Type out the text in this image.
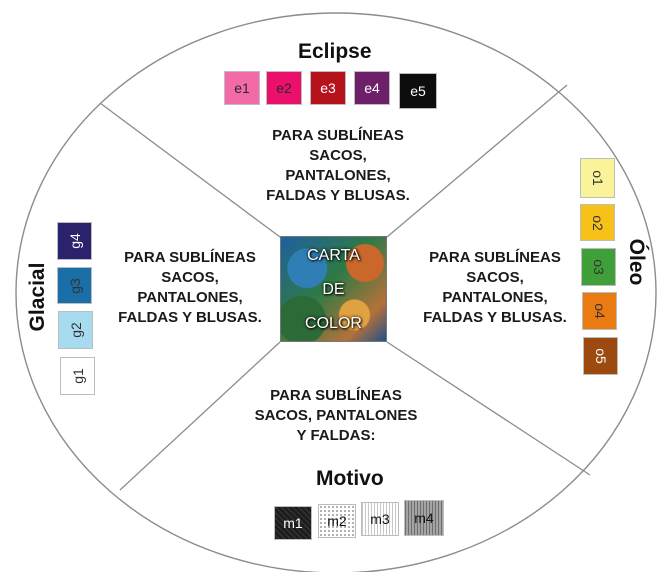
Eclipse
Motivo
Glacial
Óleo
PARA SUBLÍNEAS
SACOS,
PANTALONES,
FALDAS Y BLUSAS.
PARA SUBLÍNEAS
SACOS,
PANTALONES,
FALDAS Y BLUSAS.
PARA SUBLÍNEAS
SACOS,
PANTALONES,
FALDAS Y BLUSAS.
PARA SUBLÍNEAS
SACOS, PANTALONES
Y FALDAS:
CARTA
DE
COLOR
e1 e2 e3 e4 e5
o1
o2
o3
o4
o5
g4
g3
g2
g1
m1 m2 m3 m4
